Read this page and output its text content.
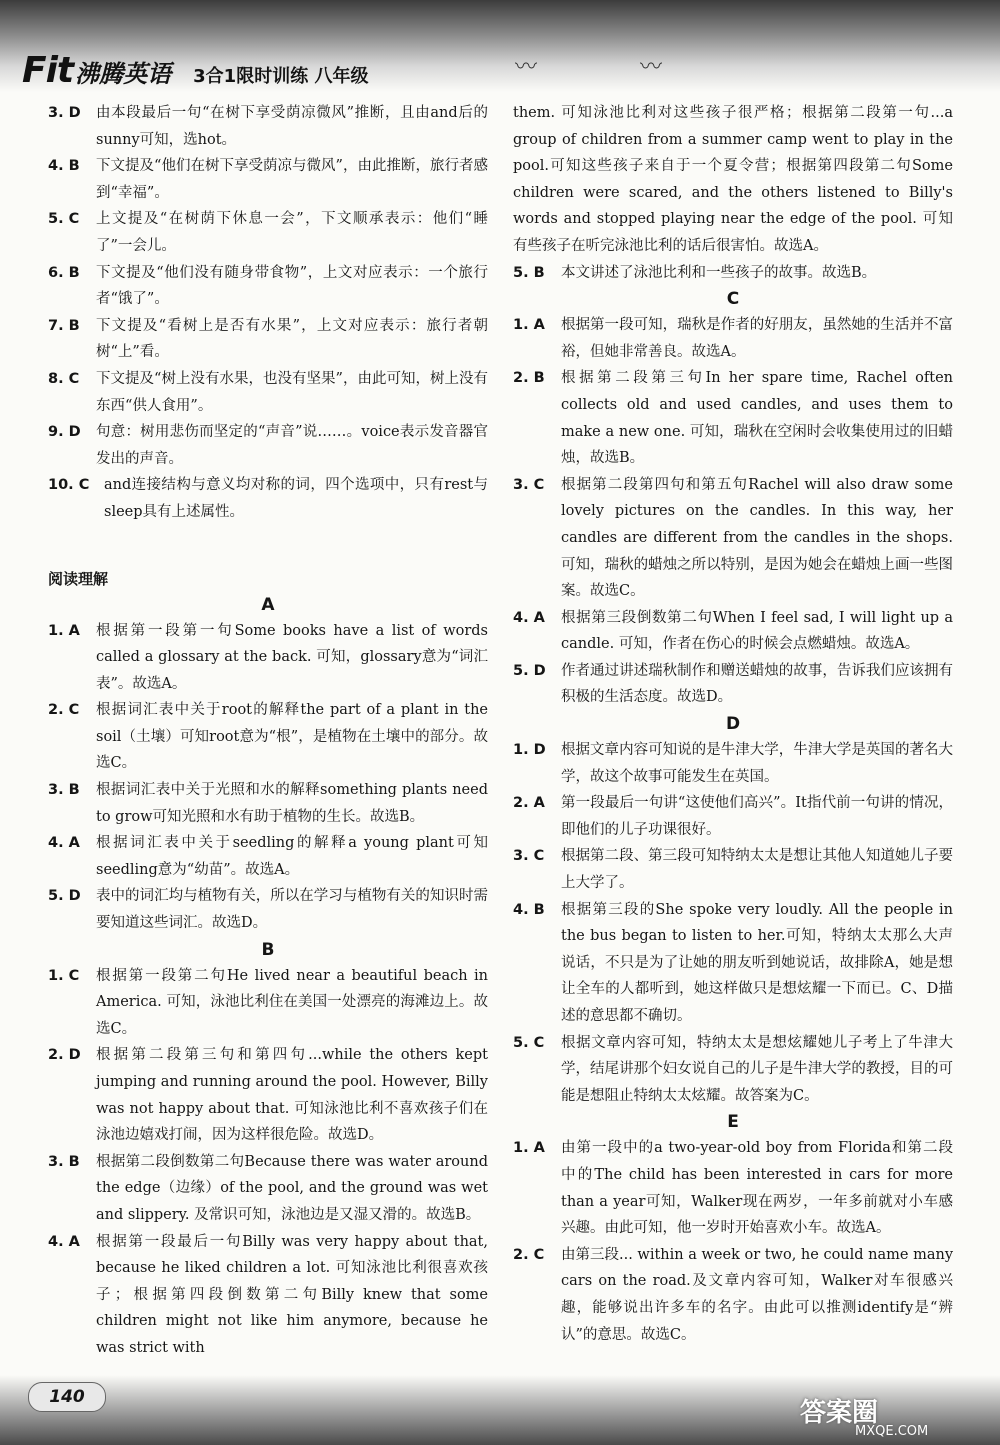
Fit 沸腾英语 3合1限时训练 八年级	〰	〰
3. D	由本段最后一句“在树下享受荫凉微风”推断，且由and后的sunny可知，选hot。
4. B	下文提及“他们在树下享受荫凉与微风”，由此推断，旅行者感到“幸福”。
5. C	上文提及“在树荫下休息一会”，下文顺承表示：他们“睡了”一会儿。
6. B	下文提及“他们没有随身带食物”，上文对应表示：一个旅行者“饿了”。
7. B	下文提及“看树上是否有水果”，上文对应表示：旅行者朝树“上”看。
8. C	下文提及“树上没有水果，也没有坚果”，由此可知，树上没有东西“供人食用”。
9. D	句意：树用悲伤而坚定的“声音”说……。voice表示发音器官发出的声音。
10. C	and连接结构与意义均对称的词，四个选项中，只有rest与sleep具有上述属性。
阅读理解
A
1. A	根据第一段第一句Some books have a list of words called a glossary at the back. 可知，glossary意为“词汇表”。故选A。
2. C	根据词汇表中关于root的解释the part of a plant in the soil（土壤）可知root意为“根”，是植物在土壤中的部分。故选C。
3. B	根据词汇表中关于光照和水的解释something plants need to grow可知光照和水有助于植物的生长。故选B。
4. A	根据词汇表中关于seedling的解释a young plant可知seedling意为“幼苗”。故选A。
5. D	表中的词汇均与植物有关，所以在学习与植物有关的知识时需要知道这些词汇。故选D。
B
1. C	根据第一段第二句He lived near a beautiful beach in America. 可知，泳池比利住在美国一处漂亮的海滩边上。故选C。
2. D	根据第二段第三句和第四句...while the others kept jumping and running around the pool. However, Billy was not happy about that. 可知泳池比利不喜欢孩子们在泳池边嬉戏打闹，因为这样很危险。故选D。
3. B	根据第二段倒数第二句Because there was water around the edge（边缘）of the pool, and the ground was wet and slippery. 及常识可知，泳池边是又湿又滑的。故选B。
4. A	根据第一段最后一句Billy was very happy about that, because he liked children a lot. 可知泳池比利很喜欢孩子；根据第四段倒数第二句Billy knew that some children might not like him anymore, because he was strict with
them. 可知泳池比利对这些孩子很严格；根据第二段第一句...a group of children from a summer camp went to play in the pool.可知这些孩子来自于一个夏令营；根据第四段第二句Some children were scared, and the others listened to Billy's words and stopped playing near the edge of the pool. 可知有些孩子在听完泳池比利的话后很害怕。故选A。
5. B	本文讲述了泳池比利和一些孩子的故事。故选B。
C
1. A	根据第一段可知，瑞秋是作者的好朋友，虽然她的生活并不富裕，但她非常善良。故选A。
2. B	根据第二段第三句In her spare time, Rachel often collects old and used candles, and uses them to make a new one. 可知，瑞秋在空闲时会收集使用过的旧蜡烛，故选B。
3. C	根据第二段第四句和第五句Rachel will also draw some lovely pictures on the candles. In this way, her candles are different from the candles in the shops. 可知，瑞秋的蜡烛之所以特别，是因为她会在蜡烛上画一些图案。故选C。
4. A	根据第三段倒数第二句When I feel sad, I will light up a candle. 可知，作者在伤心的时候会点燃蜡烛。故选A。
5. D	作者通过讲述瑞秋制作和赠送蜡烛的故事，告诉我们应该拥有积极的生活态度。故选D。
D
1. D	根据文章内容可知说的是牛津大学，牛津大学是英国的著名大学，故这个故事可能发生在英国。
2. A	第一段最后一句讲“这使他们高兴”。It指代前一句讲的情况，即他们的儿子功课很好。
3. C	根据第二段、第三段可知特纳太太是想让其他人知道她儿子要上大学了。
4. B	根据第三段的She spoke very loudly. All the people in the bus began to listen to her.可知，特纳太太那么大声说话，不只是为了让她的朋友听到她说话，故排除A，她是想让全车的人都听到，她这样做只是想炫耀一下而已。C、D描述的意思都不确切。
5. C	根据文章内容可知，特纳太太是想炫耀她儿子考上了牛津大学，结尾讲那个妇女说自己的儿子是牛津大学的教授，目的可能是想阻止特纳太太炫耀。故答案为C。
E
1. A	由第一段中的a two-year-old boy from Florida和第二段中的The child has been interested in cars for more than a year可知，Walker现在两岁，一年多前就对小车感兴趣。由此可知，他一岁时开始喜欢小车。故选A。
2. C	由第三段... within a week or two, he could name many cars on the road.及文章内容可知，Walker对车很感兴趣，能够说出许多车的名字。由此可以推测identify是“辨认”的意思。故选C。
140
答案圈
MXQE.COM
